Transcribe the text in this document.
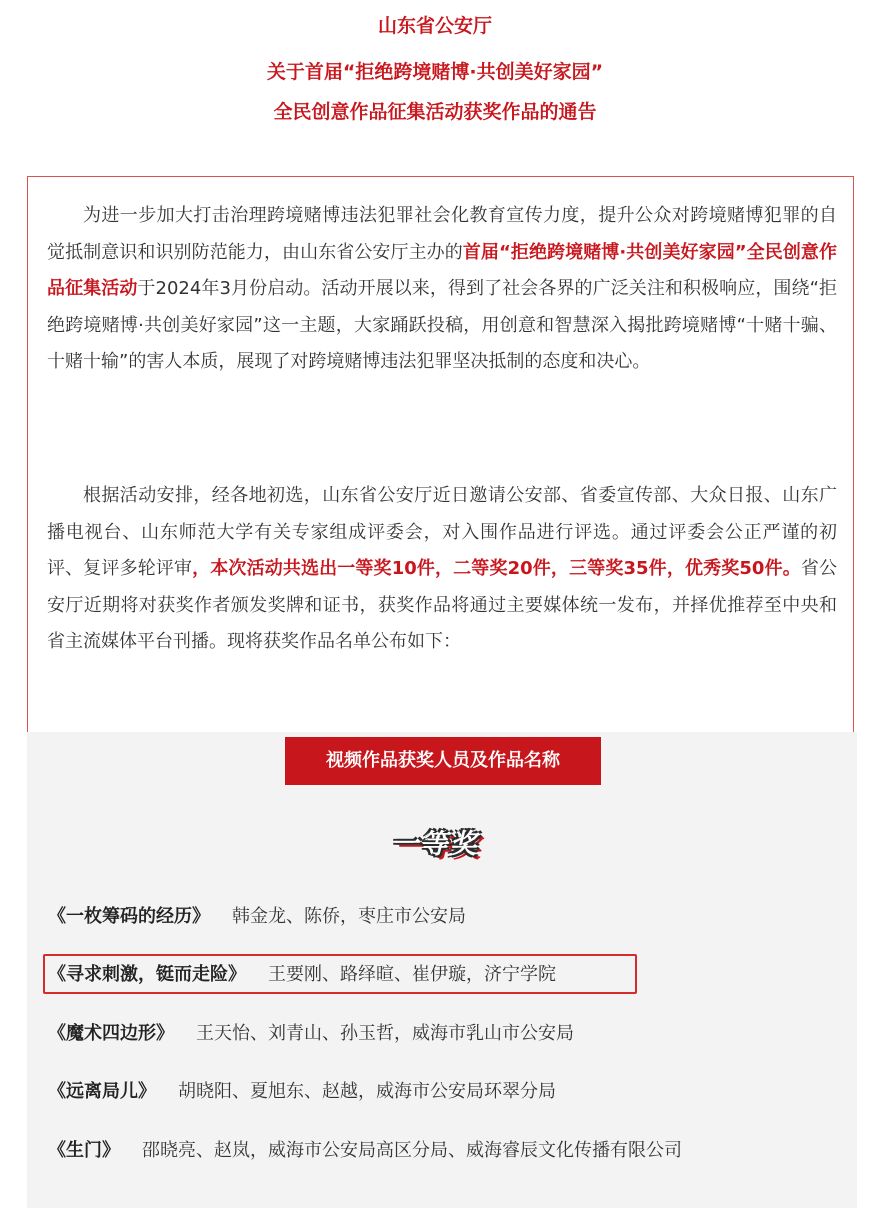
山东省公安厅
关于首届“拒绝跨境赌博·共创美好家园”
全民创意作品征集活动获奖作品的通告

为进一步加大打击治理跨境赌博违法犯罪社会化教育宣传力度，提升公众对跨境赌博犯罪的自觉抵制意识和识别防范能力，由山东省公安厅主办的首届“拒绝跨境赌博·共创美好家园”全民创意作品征集活动于2024年3月份启动。活动开展以来，得到了社会各界的广泛关注和积极响应，围绕“拒绝跨境赌博·共创美好家园”这一主题，大家踊跃投稿，用创意和智慧深入揭批跨境赌博“十赌十骗、十赌十输”的害人本质，展现了对跨境赌博违法犯罪坚决抵制的态度和决心。

根据活动安排，经各地初选，山东省公安厅近日邀请公安部、省委宣传部、大众日报、山东广播电视台、山东师范大学有关专家组成评委会，对入围作品进行评选。通过评委会公正严谨的初评、复评多轮评审，本次活动共选出一等奖10件，二等奖20件，三等奖35件，优秀奖50件。省公安厅近期将对获奖作者颁发奖牌和证书，获奖作品将通过主要媒体统一发布，并择优推荐至中央和省主流媒体平台刊播。现将获奖作品名单公布如下：

视频作品获奖人员及作品名称
一等奖
《一枚筹码的经历》 韩金龙、陈侨，枣庄市公安局
《寻求刺激，铤而走险》 王要刚、路绎暄、崔伊璇，济宁学院
《魔术四边形》 王天怡、刘青山、孙玉哲，威海市乳山市公安局
《远离局儿》 胡晓阳、夏旭东、赵越，威海市公安局环翠分局
《生门》 邵晓亮、赵岚，威海市公安局高区分局、威海睿辰文化传播有限公司
